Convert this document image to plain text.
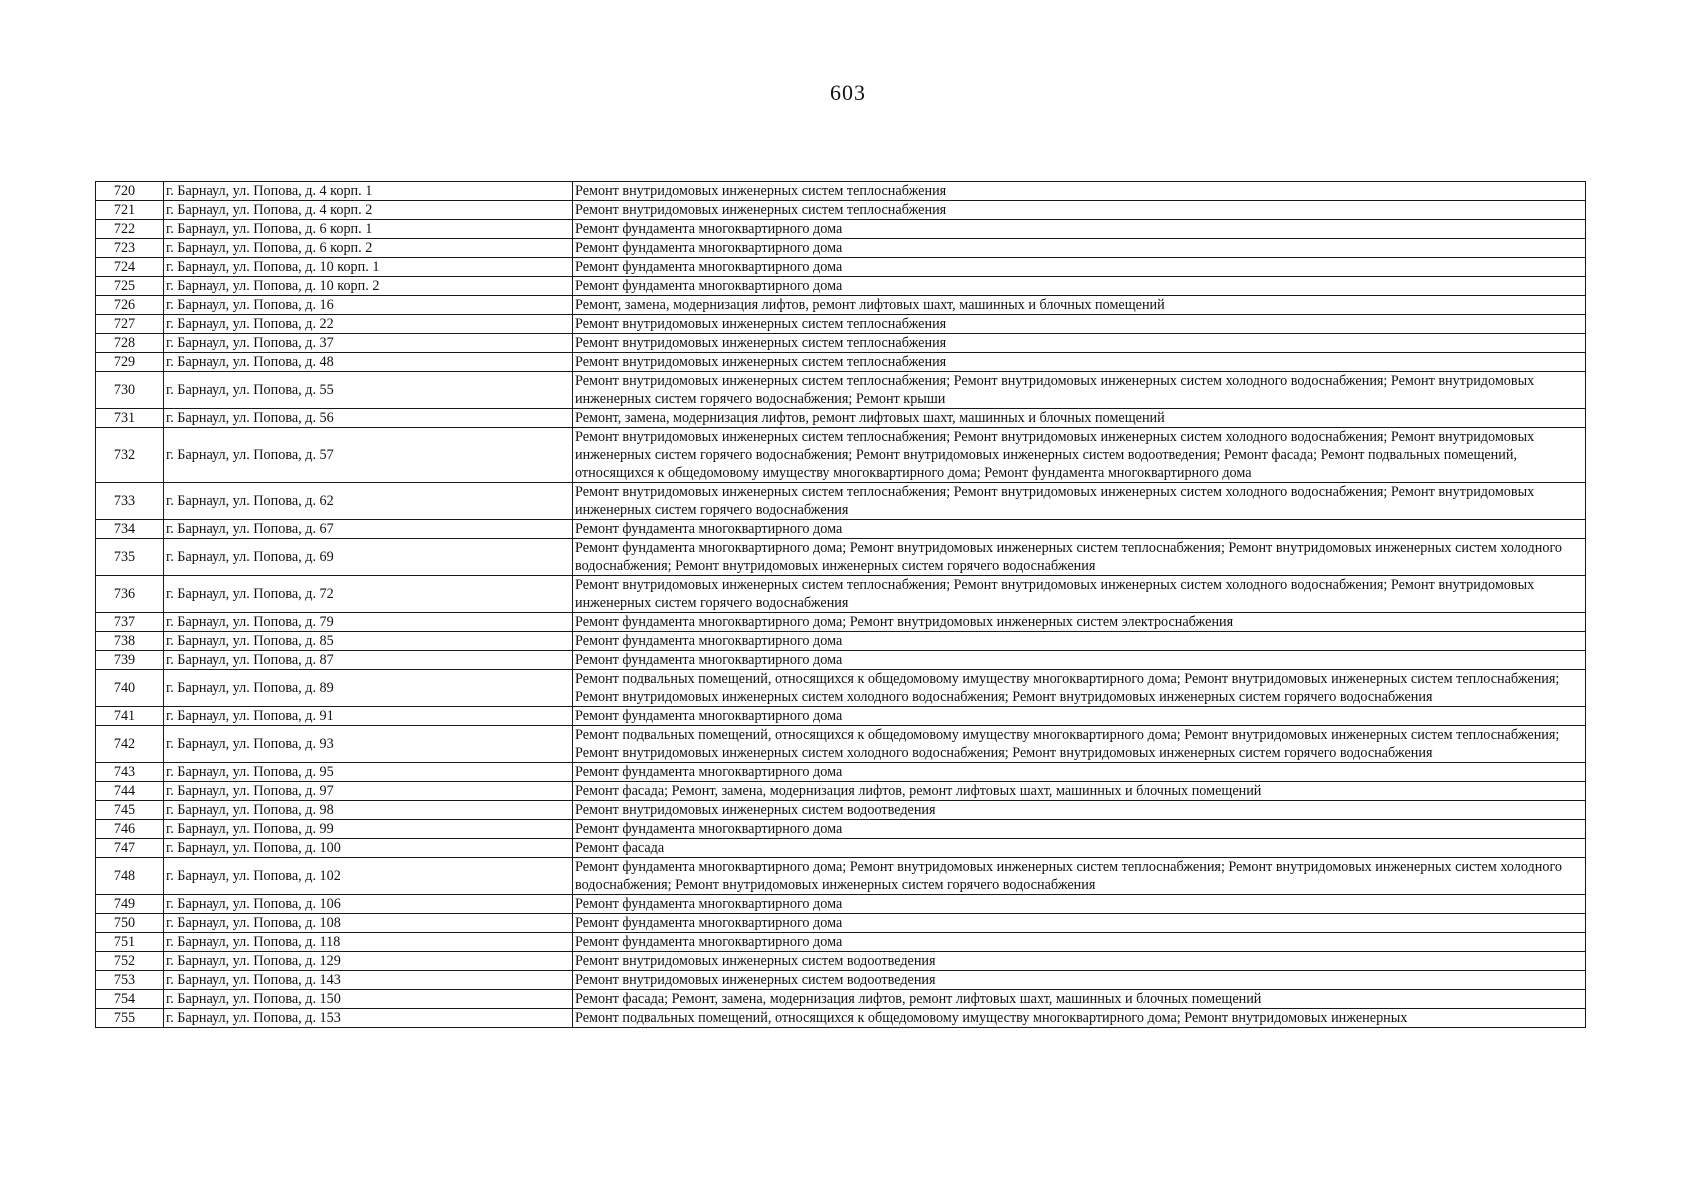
603
720	г. Барнаул, ул. Попова, д. 4 корп. 1	Ремонт внутридомовых инженерных систем теплоснабжения
721	г. Барнаул, ул. Попова, д. 4 корп. 2	Ремонт внутридомовых инженерных систем теплоснабжения
722	г. Барнаул, ул. Попова, д. 6 корп. 1	Ремонт фундамента многоквартирного дома
723	г. Барнаул, ул. Попова, д. 6 корп. 2	Ремонт фундамента многоквартирного дома
724	г. Барнаул, ул. Попова, д. 10 корп. 1	Ремонт фундамента многоквартирного дома
725	г. Барнаул, ул. Попова, д. 10 корп. 2	Ремонт фундамента многоквартирного дома
726	г. Барнаул, ул. Попова, д. 16	Ремонт, замена, модернизация лифтов, ремонт лифтовых шахт, машинных и блочных помещений
727	г. Барнаул, ул. Попова, д. 22	Ремонт внутридомовых инженерных систем теплоснабжения
728	г. Барнаул, ул. Попова, д. 37	Ремонт внутридомовых инженерных систем теплоснабжения
729	г. Барнаул, ул. Попова, д. 48	Ремонт внутридомовых инженерных систем теплоснабжения
730	г. Барнаул, ул. Попова, д. 55	Ремонт внутридомовых инженерных систем теплоснабжения; Ремонт внутридомовых инженерных систем холодного водоснабжения; Ремонт внутридомовых инженерных систем горячего водоснабжения; Ремонт крыши
731	г. Барнаул, ул. Попова, д. 56	Ремонт, замена, модернизация лифтов, ремонт лифтовых шахт, машинных и блочных помещений
732	г. Барнаул, ул. Попова, д. 57	Ремонт внутридомовых инженерных систем теплоснабжения; Ремонт внутридомовых инженерных систем холодного водоснабжения; Ремонт внутридомовых инженерных систем горячего водоснабжения; Ремонт внутридомовых инженерных систем водоотведения; Ремонт фасада; Ремонт подвальных помещений, относящихся к общедомовому имуществу многоквартирного дома; Ремонт фундамента многоквартирного дома
733	г. Барнаул, ул. Попова, д. 62	Ремонт внутридомовых инженерных систем теплоснабжения; Ремонт внутридомовых инженерных систем холодного водоснабжения; Ремонт внутридомовых инженерных систем горячего водоснабжения
734	г. Барнаул, ул. Попова, д. 67	Ремонт фундамента многоквартирного дома
735	г. Барнаул, ул. Попова, д. 69	Ремонт фундамента многоквартирного дома; Ремонт внутридомовых инженерных систем теплоснабжения; Ремонт внутридомовых инженерных систем холодного водоснабжения; Ремонт внутридомовых инженерных систем горячего водоснабжения
736	г. Барнаул, ул. Попова, д. 72	Ремонт внутридомовых инженерных систем теплоснабжения; Ремонт внутридомовых инженерных систем холодного водоснабжения; Ремонт внутридомовых инженерных систем горячего водоснабжения
737	г. Барнаул, ул. Попова, д. 79	Ремонт фундамента многоквартирного дома; Ремонт внутридомовых инженерных систем электроснабжения
738	г. Барнаул, ул. Попова, д. 85	Ремонт фундамента многоквартирного дома
739	г. Барнаул, ул. Попова, д. 87	Ремонт фундамента многоквартирного дома
740	г. Барнаул, ул. Попова, д. 89	Ремонт подвальных помещений, относящихся к общедомовому имуществу многоквартирного дома; Ремонт внутридомовых инженерных систем теплоснабжения; Ремонт внутридомовых инженерных систем холодного водоснабжения; Ремонт внутридомовых инженерных систем горячего водоснабжения
741	г. Барнаул, ул. Попова, д. 91	Ремонт фундамента многоквартирного дома
742	г. Барнаул, ул. Попова, д. 93	Ремонт подвальных помещений, относящихся к общедомовому имуществу многоквартирного дома; Ремонт внутридомовых инженерных систем теплоснабжения; Ремонт внутридомовых инженерных систем холодного водоснабжения; Ремонт внутридомовых инженерных систем горячего водоснабжения
743	г. Барнаул, ул. Попова, д. 95	Ремонт фундамента многоквартирного дома
744	г. Барнаул, ул. Попова, д. 97	Ремонт фасада; Ремонт, замена, модернизация лифтов, ремонт лифтовых шахт, машинных и блочных помещений
745	г. Барнаул, ул. Попова, д. 98	Ремонт внутридомовых инженерных систем водоотведения
746	г. Барнаул, ул. Попова, д. 99	Ремонт фундамента многоквартирного дома
747	г. Барнаул, ул. Попова, д. 100	Ремонт фасада
748	г. Барнаул, ул. Попова, д. 102	Ремонт фундамента многоквартирного дома; Ремонт внутридомовых инженерных систем теплоснабжения; Ремонт внутридомовых инженерных систем холодного водоснабжения; Ремонт внутридомовых инженерных систем горячего водоснабжения
749	г. Барнаул, ул. Попова, д. 106	Ремонт фундамента многоквартирного дома
750	г. Барнаул, ул. Попова, д. 108	Ремонт фундамента многоквартирного дома
751	г. Барнаул, ул. Попова, д. 118	Ремонт фундамента многоквартирного дома
752	г. Барнаул, ул. Попова, д. 129	Ремонт внутридомовых инженерных систем водоотведения
753	г. Барнаул, ул. Попова, д. 143	Ремонт внутридомовых инженерных систем водоотведения
754	г. Барнаул, ул. Попова, д. 150	Ремонт фасада; Ремонт, замена, модернизация лифтов, ремонт лифтовых шахт, машинных и блочных помещений
755	г. Барнаул, ул. Попова, д. 153	Ремонт подвальных помещений, относящихся к общедомовому имуществу многоквартирного дома; Ремонт внутридомовых инженерных
